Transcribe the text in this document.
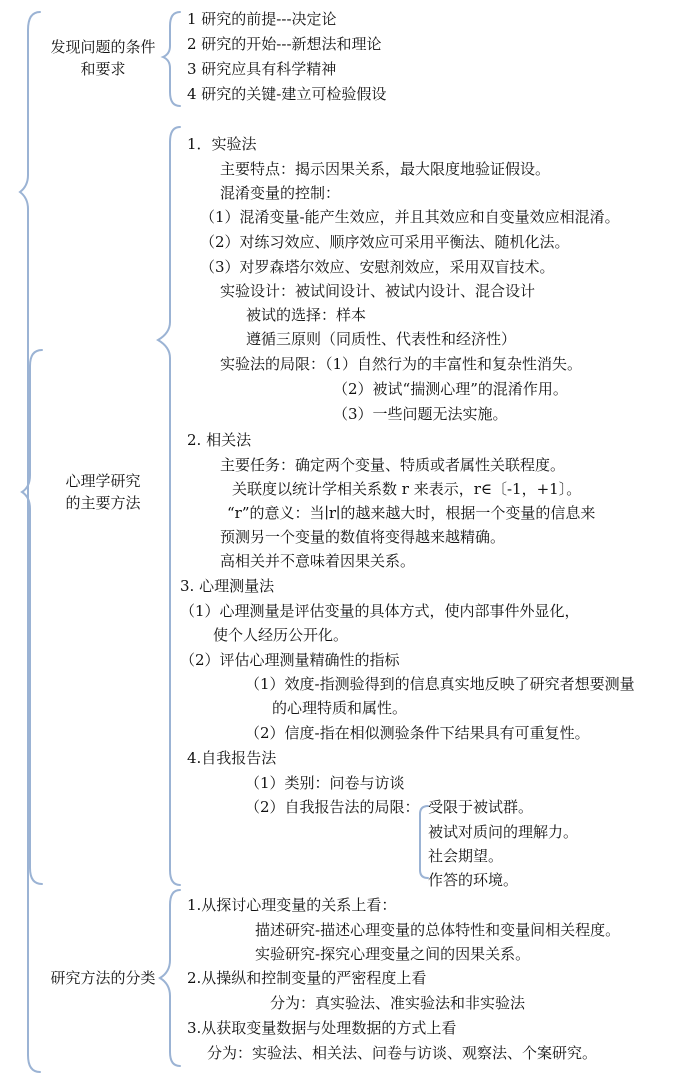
发现问题的条件
和要求
1 研究的前提---决定论
2 研究的开始---新想法和理论
3 研究应具有科学精神
4 研究的关键-建立可检验假设
心理学研究
的主要方法
1．实验法
主要特点：揭示因果关系，最大限度地验证假设。
混淆变量的控制：
（1）混淆变量-能产生效应，并且其效应和自变量效应相混淆。
（2）对练习效应、顺序效应可采用平衡法、随机化法。
（3）对罗森塔尔效应、安慰剂效应，采用双盲技术。
实验设计：被试间设计、被试内设计、混合设计
被试的选择：样本
遵循三原则（同质性、代表性和经济性）
实验法的局限：（1）自然行为的丰富性和复杂性消失。
（2）被试“揣测心理”的混淆作用。
（3）一些问题无法实施。
2. 相关法
主要任务：确定两个变量、特质或者属性关联程度。
关联度以统计学相关系数 r 来表示，r∈〔-1，+1〕。
“r”的意义：当∣r∣的越来越大时，根据一个变量的信息来
预测另一个变量的数值将变得越来越精确。
高相关并不意味着因果关系。
3. 心理测量法
（1）心理测量是评估变量的具体方式，使内部事件外显化，
使个人经历公开化。
（2）评估心理测量精确性的指标
（1）效度-指测验得到的信息真实地反映了研究者想要测量
的心理特质和属性。
（2）信度-指在相似测验条件下结果具有可重复性。
4.自我报告法
（1）类别：问卷与访谈
（2）自我报告法的局限： 受限于被试群。
被试对质问的理解力。
社会期望。
作答的环境。
研究方法的分类
1.从探讨心理变量的关系上看：
描述研究-描述心理变量的总体特性和变量间相关程度。
实验研究-探究心理变量之间的因果关系。
2.从操纵和控制变量的严密程度上看
分为：真实验法、准实验法和非实验法
3.从获取变量数据与处理数据的方式上看
分为：实验法、相关法、问卷与访谈、观察法、个案研究。
